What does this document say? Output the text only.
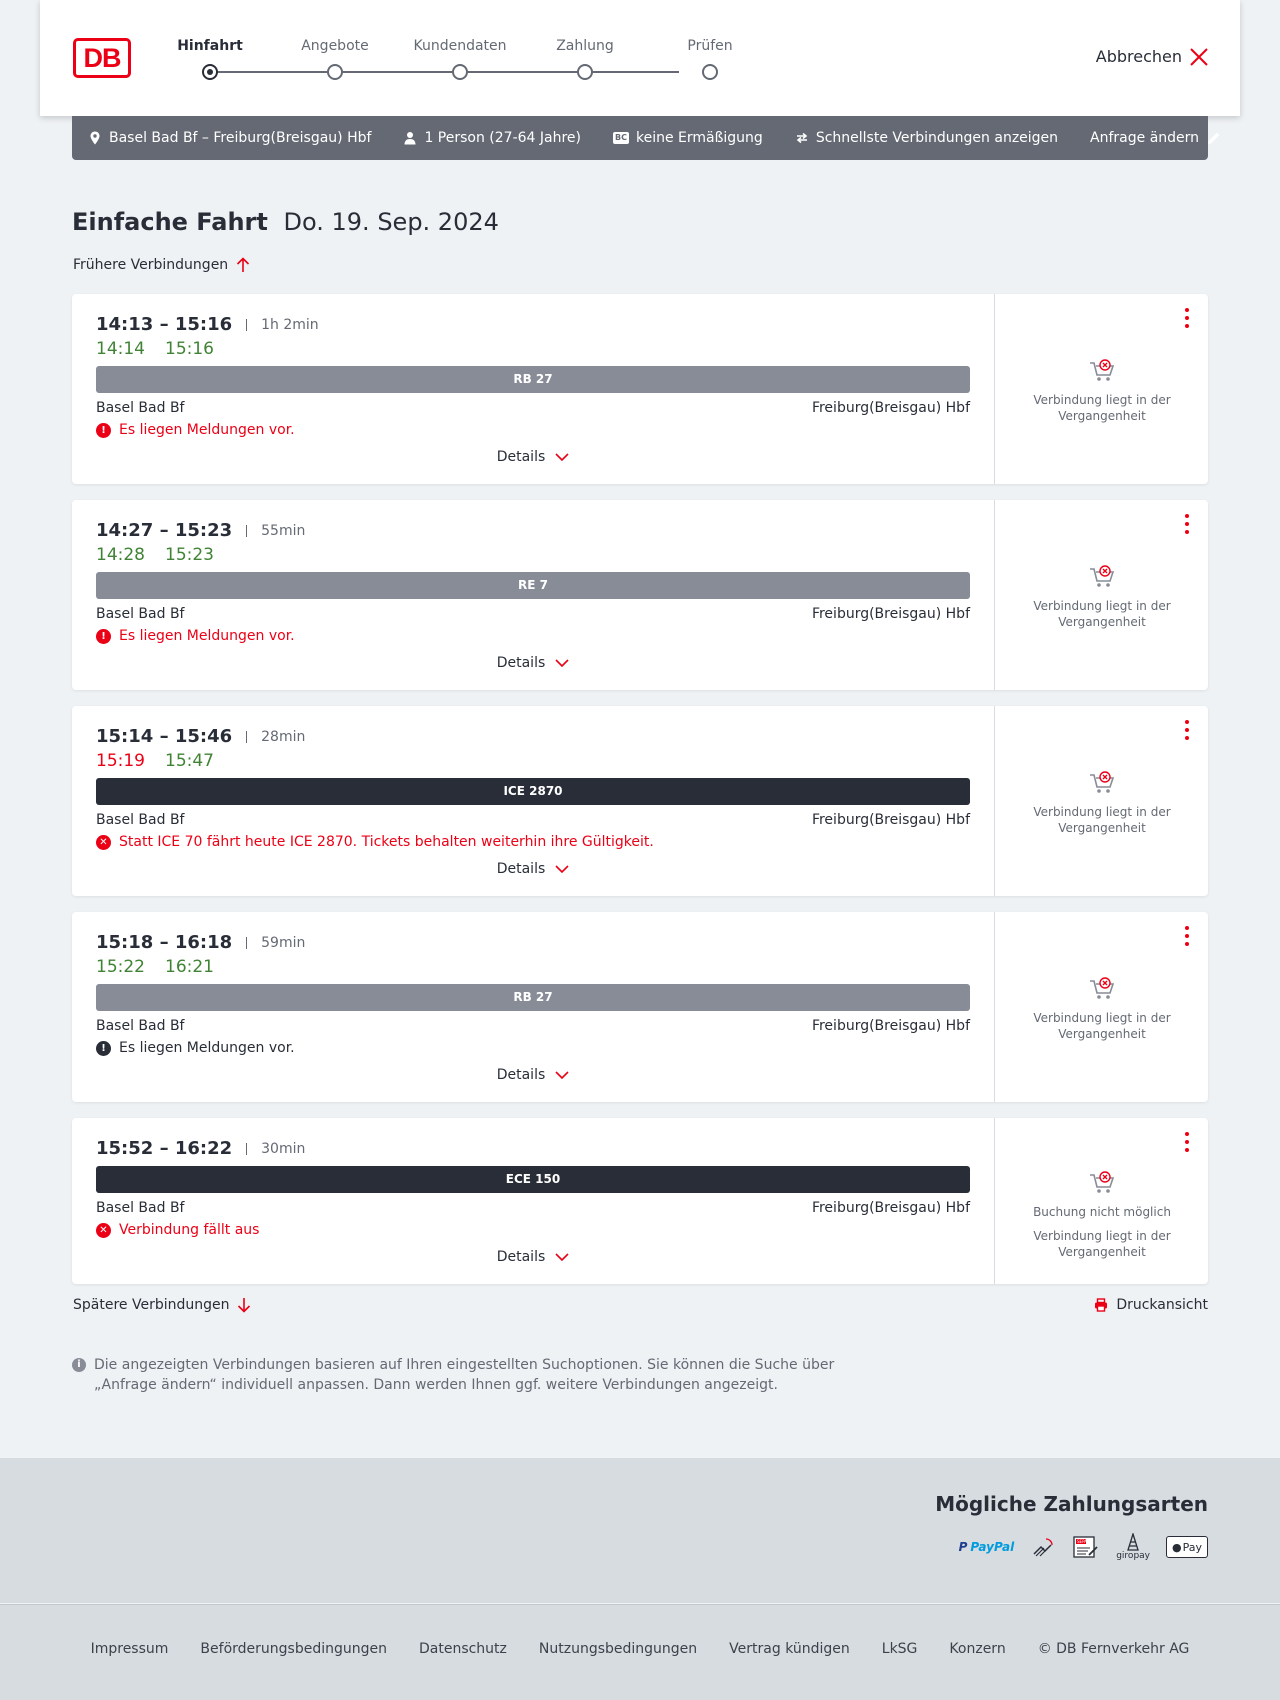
DB	Hinfahrt	Angebote	Kundendaten	Zahlung	Prüfen
Abbrechen
Basel Bad Bf – Freiburg(Breisgau) Hbf	1 Person (27-64 Jahre)	BC keine Ermäßigung	Schnellste Verbindungen anzeigen Anfrage ändern
Einfache Fahrt Do. 19. Sep. 2024
Frühere Verbindungen
14:13 – 15:16	1h 2min
14:14 15:16
RB 27
Basel Bad Bf	Freiburg(Breisgau) Hbf
! Es liegen Meldungen vor.
Details
Verbindung liegt in der Vergangenheit
14:27 – 15:23	55min
14:28 15:23
RE 7
Basel Bad Bf	Freiburg(Breisgau) Hbf
! Es liegen Meldungen vor.
Details
Verbindung liegt in der Vergangenheit
15:14 – 15:46	28min
15:19 15:47
ICE 2870
Basel Bad Bf	Freiburg(Breisgau) Hbf
✕ Statt ICE 70 fährt heute ICE 2870. Tickets behalten weiterhin ihre Gültigkeit.
Details
Verbindung liegt in der Vergangenheit
15:18 – 16:18	59min
15:22 16:21
RB 27
Basel Bad Bf	Freiburg(Breisgau) Hbf
! Es liegen Meldungen vor.
Details
Verbindung liegt in der Vergangenheit
15:52 – 16:22	30min
ECE 150
Basel Bad Bf	Freiburg(Breisgau) Hbf
✕ Verbindung fällt aus
Details
Buchung nicht möglich
Verbindung liegt in der Vergangenheit
Spätere Verbindungen	Druckansicht
i Die angezeigten Verbindungen basieren auf Ihren eingestellten Suchoptionen. Sie können die Suche über „Anfrage ändern“ individuell anpassen. Dann werden Ihnen ggf. weitere Verbindungen angezeigt.
Mögliche Zahlungsarten
P PayPal	SEPA
giropay
● Pay
Impressum Beförderungsbedingungen Datenschutz Nutzungsbedingungen Vertrag kündigen LkSG Konzern © DB Fernverkehr AG
